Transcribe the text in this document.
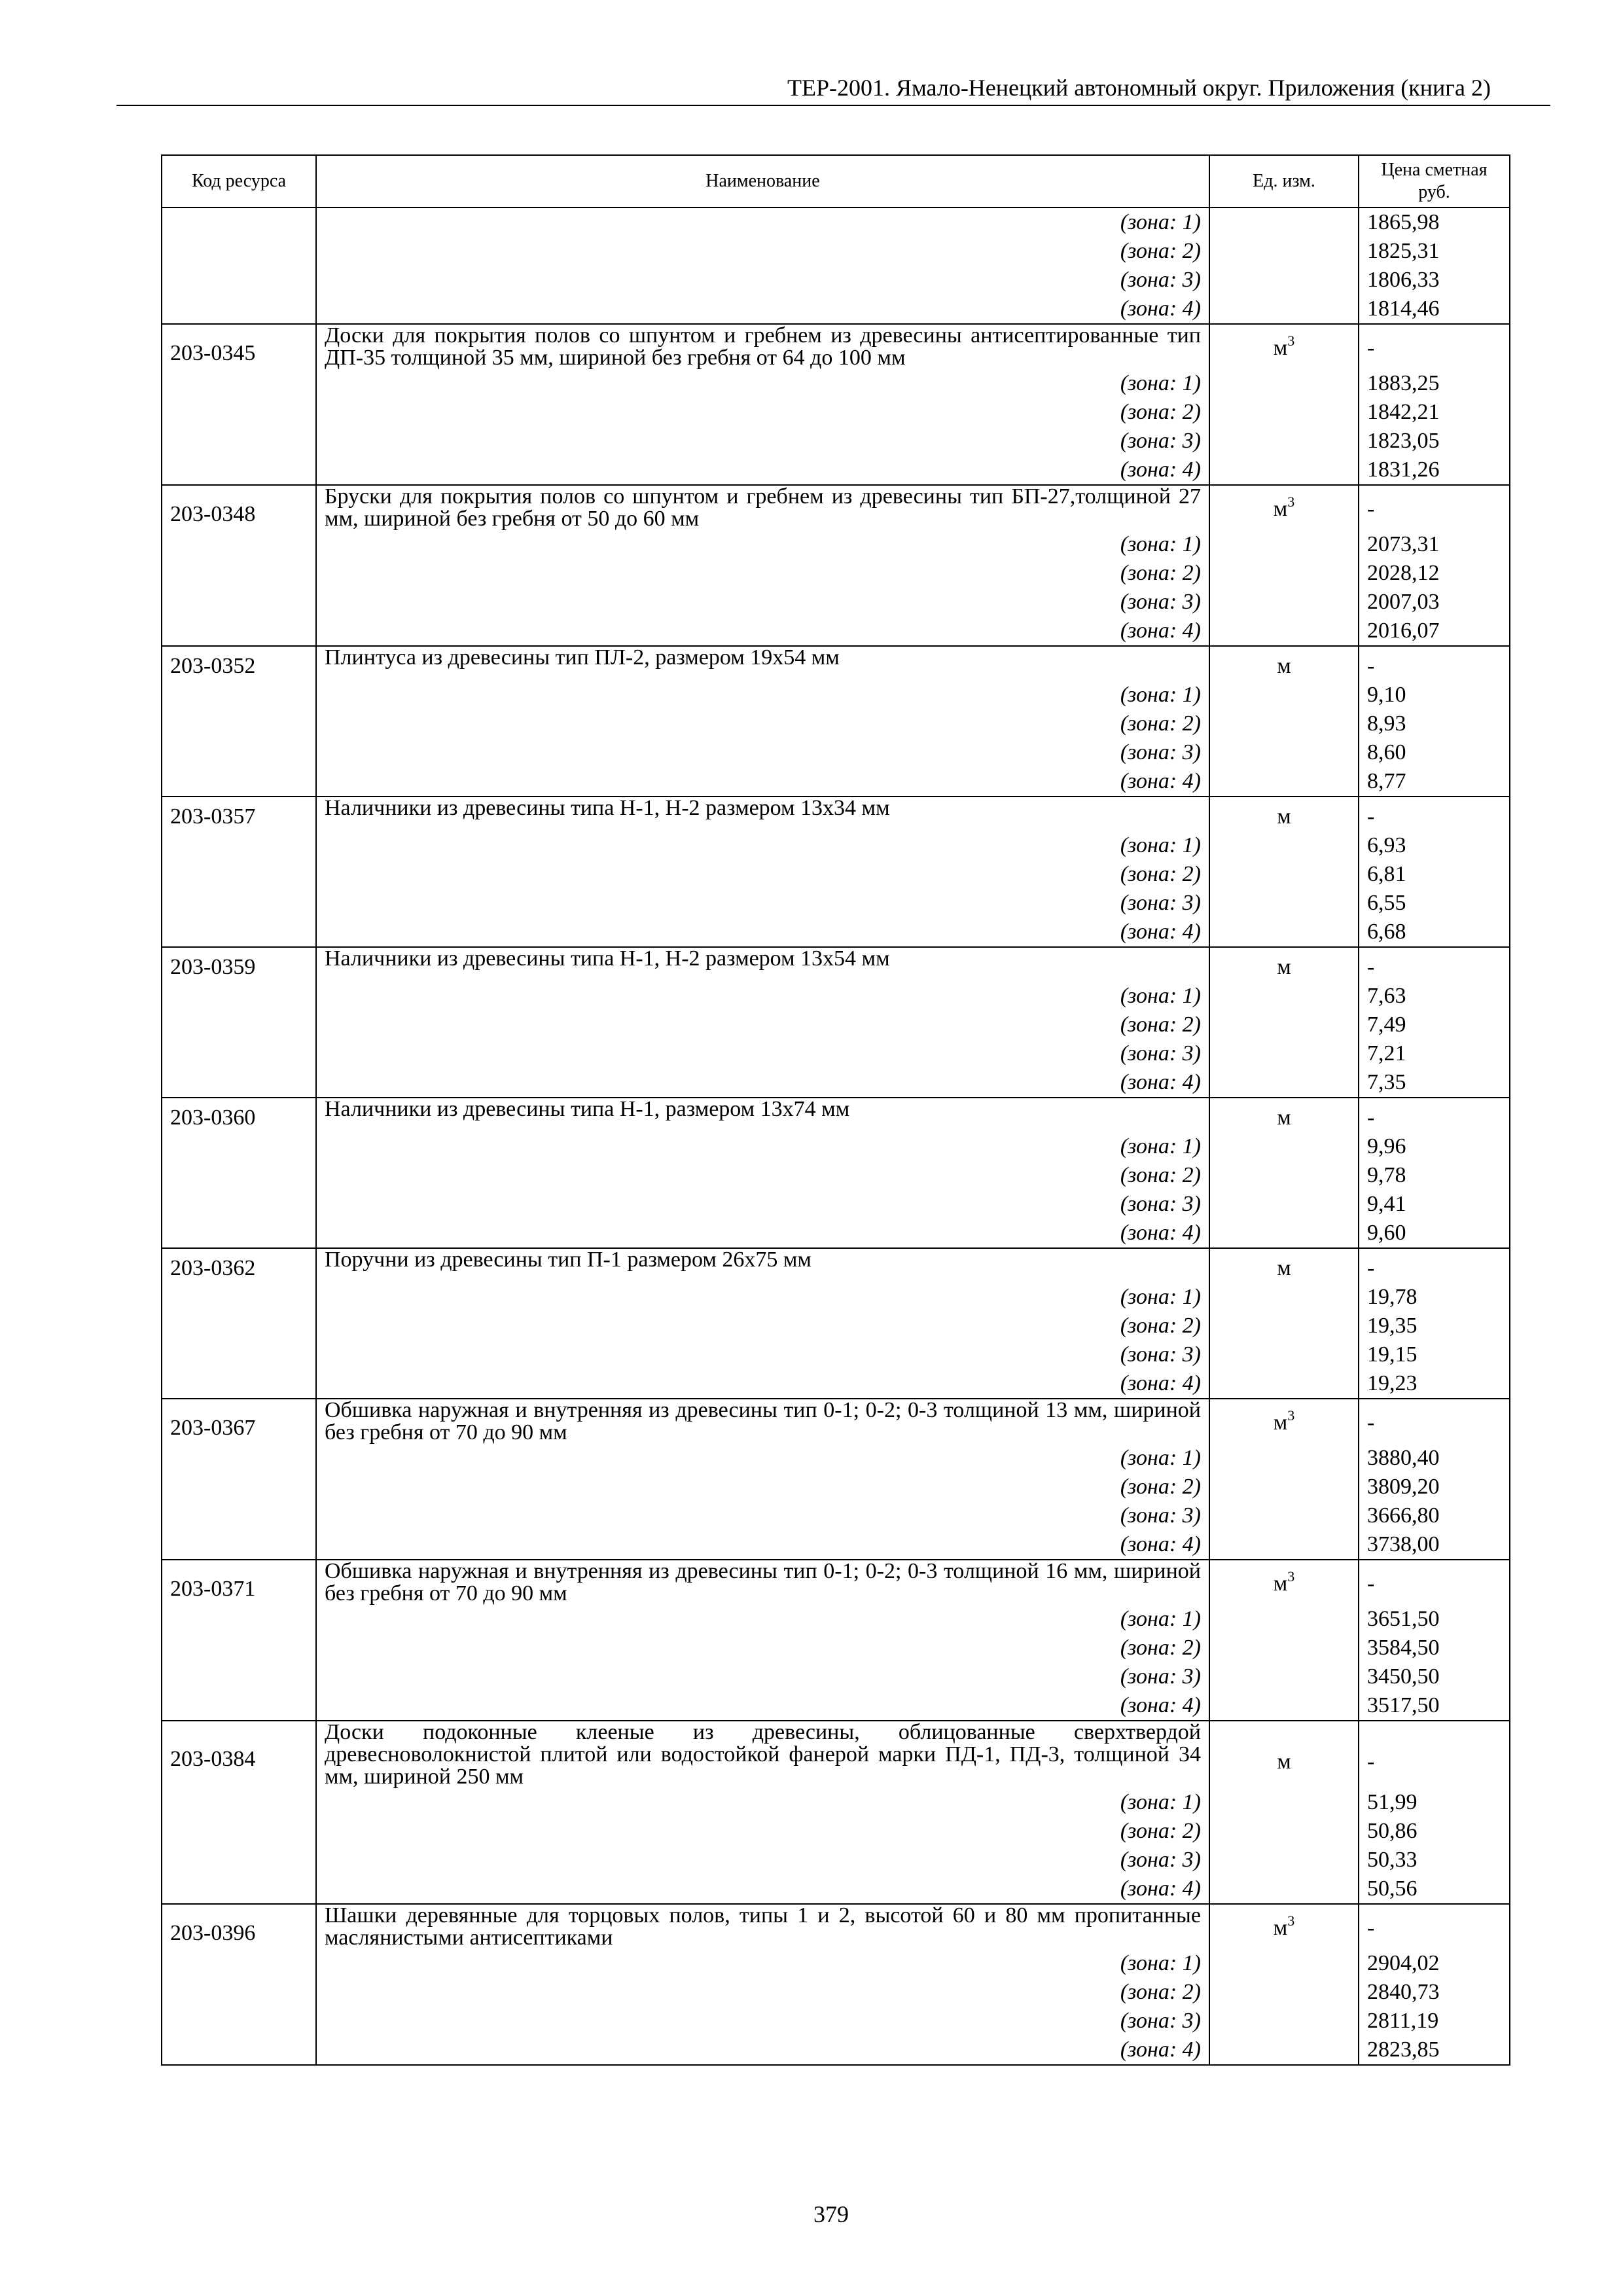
ТЕР-2001. Ямало-Ненецкий автономный округ. Приложения (книга 2)
Код ресурса	Наименование	Ед. изм.	Цена сметная руб.
	(зона: 1)		1865,98
	(зона: 2)		1825,31
	(зона: 3)		1806,33
	(зона: 4)		1814,46
203-0345	Доски для покрытия полов со шпунтом и гребнем из древесины антисептированные тип ДП-35 толщиной 35 мм, шириной без гребня от 64 до 100 мм	$м^3$	-
	(зона: 1)		1883,25
	(зона: 2)		1842,21
	(зона: 3)		1823,05
	(зона: 4)		1831,26
203-0348	Бруски для покрытия полов со шпунтом и гребнем из древесины тип БП-27,толщиной 27 мм, шириной без гребня от 50 до 60 мм	$м^3$	-
	(зона: 1)		2073,31
	(зона: 2)		2028,12
	(зона: 3)		2007,03
	(зона: 4)		2016,07
203-0352	Плинтуса из древесины тип ПЛ-2, размером 19х54 мм	м	-
	(зона: 1)		9,10
	(зона: 2)		8,93
	(зона: 3)		8,60
	(зона: 4)		8,77
203-0357	Наличники из древесины типа Н-1, Н-2 размером 13х34 мм	м	-
	(зона: 1)		6,93
	(зона: 2)		6,81
	(зона: 3)		6,55
	(зона: 4)		6,68
203-0359	Наличники из древесины типа Н-1, Н-2 размером 13х54 мм	м	-
	(зона: 1)		7,63
	(зона: 2)		7,49
	(зона: 3)		7,21
	(зона: 4)		7,35
203-0360	Наличники из древесины типа Н-1, размером 13х74 мм	м	-
	(зона: 1)		9,96
	(зона: 2)		9,78
	(зона: 3)		9,41
	(зона: 4)		9,60
203-0362	Поручни из древесины тип П-1 размером 26х75 мм	м	-
	(зона: 1)		19,78
	(зона: 2)		19,35
	(зона: 3)		19,15
	(зона: 4)		19,23
203-0367	Обшивка наружная и внутренняя из древесины тип 0-1; 0-2; 0-3 толщиной 13 мм, шириной без гребня от 70 до 90 мм	$м^3$	-
	(зона: 1)		3880,40
	(зона: 2)		3809,20
	(зона: 3)		3666,80
	(зона: 4)		3738,00
203-0371	Обшивка наружная и внутренняя из древесины тип 0-1; 0-2; 0-3 толщиной 16 мм, шириной без гребня от 70 до 90 мм	$м^3$	-
	(зона: 1)		3651,50
	(зона: 2)		3584,50
	(зона: 3)		3450,50
	(зона: 4)		3517,50
203-0384	Доски подоконные клееные из древесины, облицованные сверхтвердой древесноволокнистой плитой или водостойкой фанерой марки ПД-1, ПД-3, толщиной 34 мм, шириной 250 мм	м	-
	(зона: 1)		51,99
	(зона: 2)		50,86
	(зона: 3)		50,33
	(зона: 4)		50,56
203-0396	Шашки деревянные для торцовых полов, типы 1 и 2, высотой 60 и 80 мм пропитанные маслянистыми антисептиками	$м^3$	-
	(зона: 1)		2904,02
	(зона: 2)		2840,73
	(зона: 3)		2811,19
	(зона: 4)		2823,85
379
